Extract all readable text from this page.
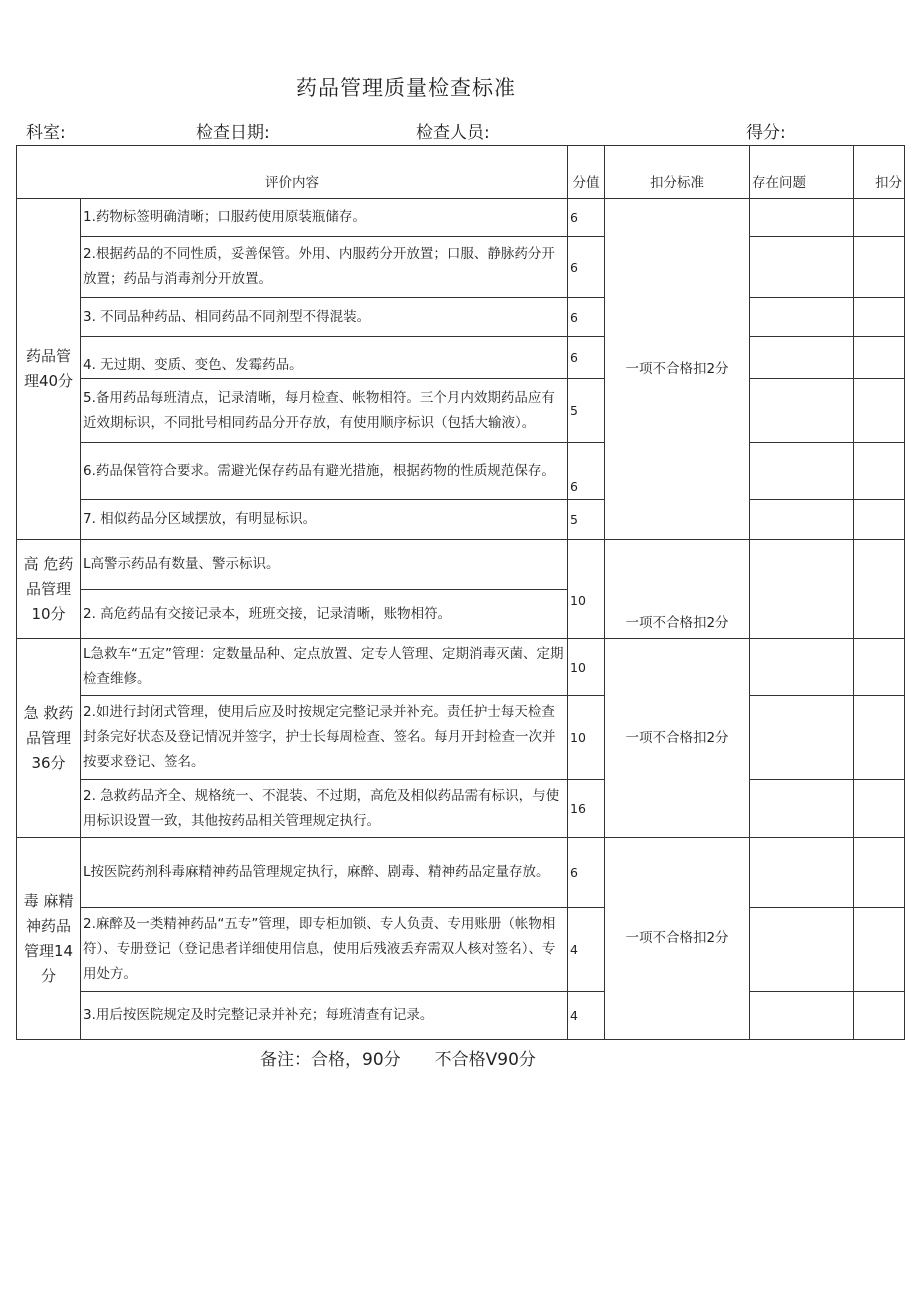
药品管理质量检查标准
科室:	检查日期:	检查人员:	得分:
评价内容		分值	扣分标准	存在问题	扣分
药品管理40分	1.药物标签明确清晰；口服药使用原装瓶储存。	6	一项不合格扣2分		
	2.根据药品的不同性质，妥善保管。外用、内服药分开放置；口服、静脉药分开放置；药品与消毒剂分开放置。	6			
	3. 不同品种药品、相同药品不同剂型不得混装。	6			
	4. 无过期、变质、变色、发霉药品。	6			
	5.备用药品每班清点，记录清晰，每月检查、帐物相符。三个月内效期药品应有近效期标识，不同批号相同药品分开存放，有使用顺序标识（包括大输液）。	5			
	6.药品保管符合要求。需避光保存药品有避光措施，根据药物的性质规范保存。	6			
	7. 相似药品分区域摆放，有明显标识。	5			
高 危药品管理10分	L高警示药品有数量、警示标识。	10	一项不合格扣2分		
	2. 高危药品有交接记录本，班班交接，记录清晰，账物相符。				
急 救药品管理 36分	L急救车“五定”管理：定数量品种、定点放置、定专人管理、定期消毒灭菌、定期检查维修。	10	一项不合格扣2分		
	2.如进行封闭式管理，使用后应及时按规定完整记录并补充。责任护士每天检查封条完好状态及登记情况并签字，护士长每周检查、签名。每月开封检查一次并按要求登记、签名。	10			
	2. 急救药品齐全、规格统一、不混装、不过期，高危及相似药品需有标识，与使用标识设置一致，其他按药品相关管理规定执行。	16			
毒 麻精神药品管理14分	L按医院药剂科毒麻精神药品管理规定执行，麻醉、剧毒、精神药品定量存放。	6	一项不合格扣2分		
	2.麻醉及一类精神药品“五专”管理，即专柜加锁、专人负责、专用账册（帐物相符）、专册登记（登记患者详细使用信息，使用后残液丢弃需双人核对签名）、专用处方。	4			
	3.用后按医院规定及时完整记录并补充；每班清查有记录。	4			
备注：合格，90分 不合格V90分
